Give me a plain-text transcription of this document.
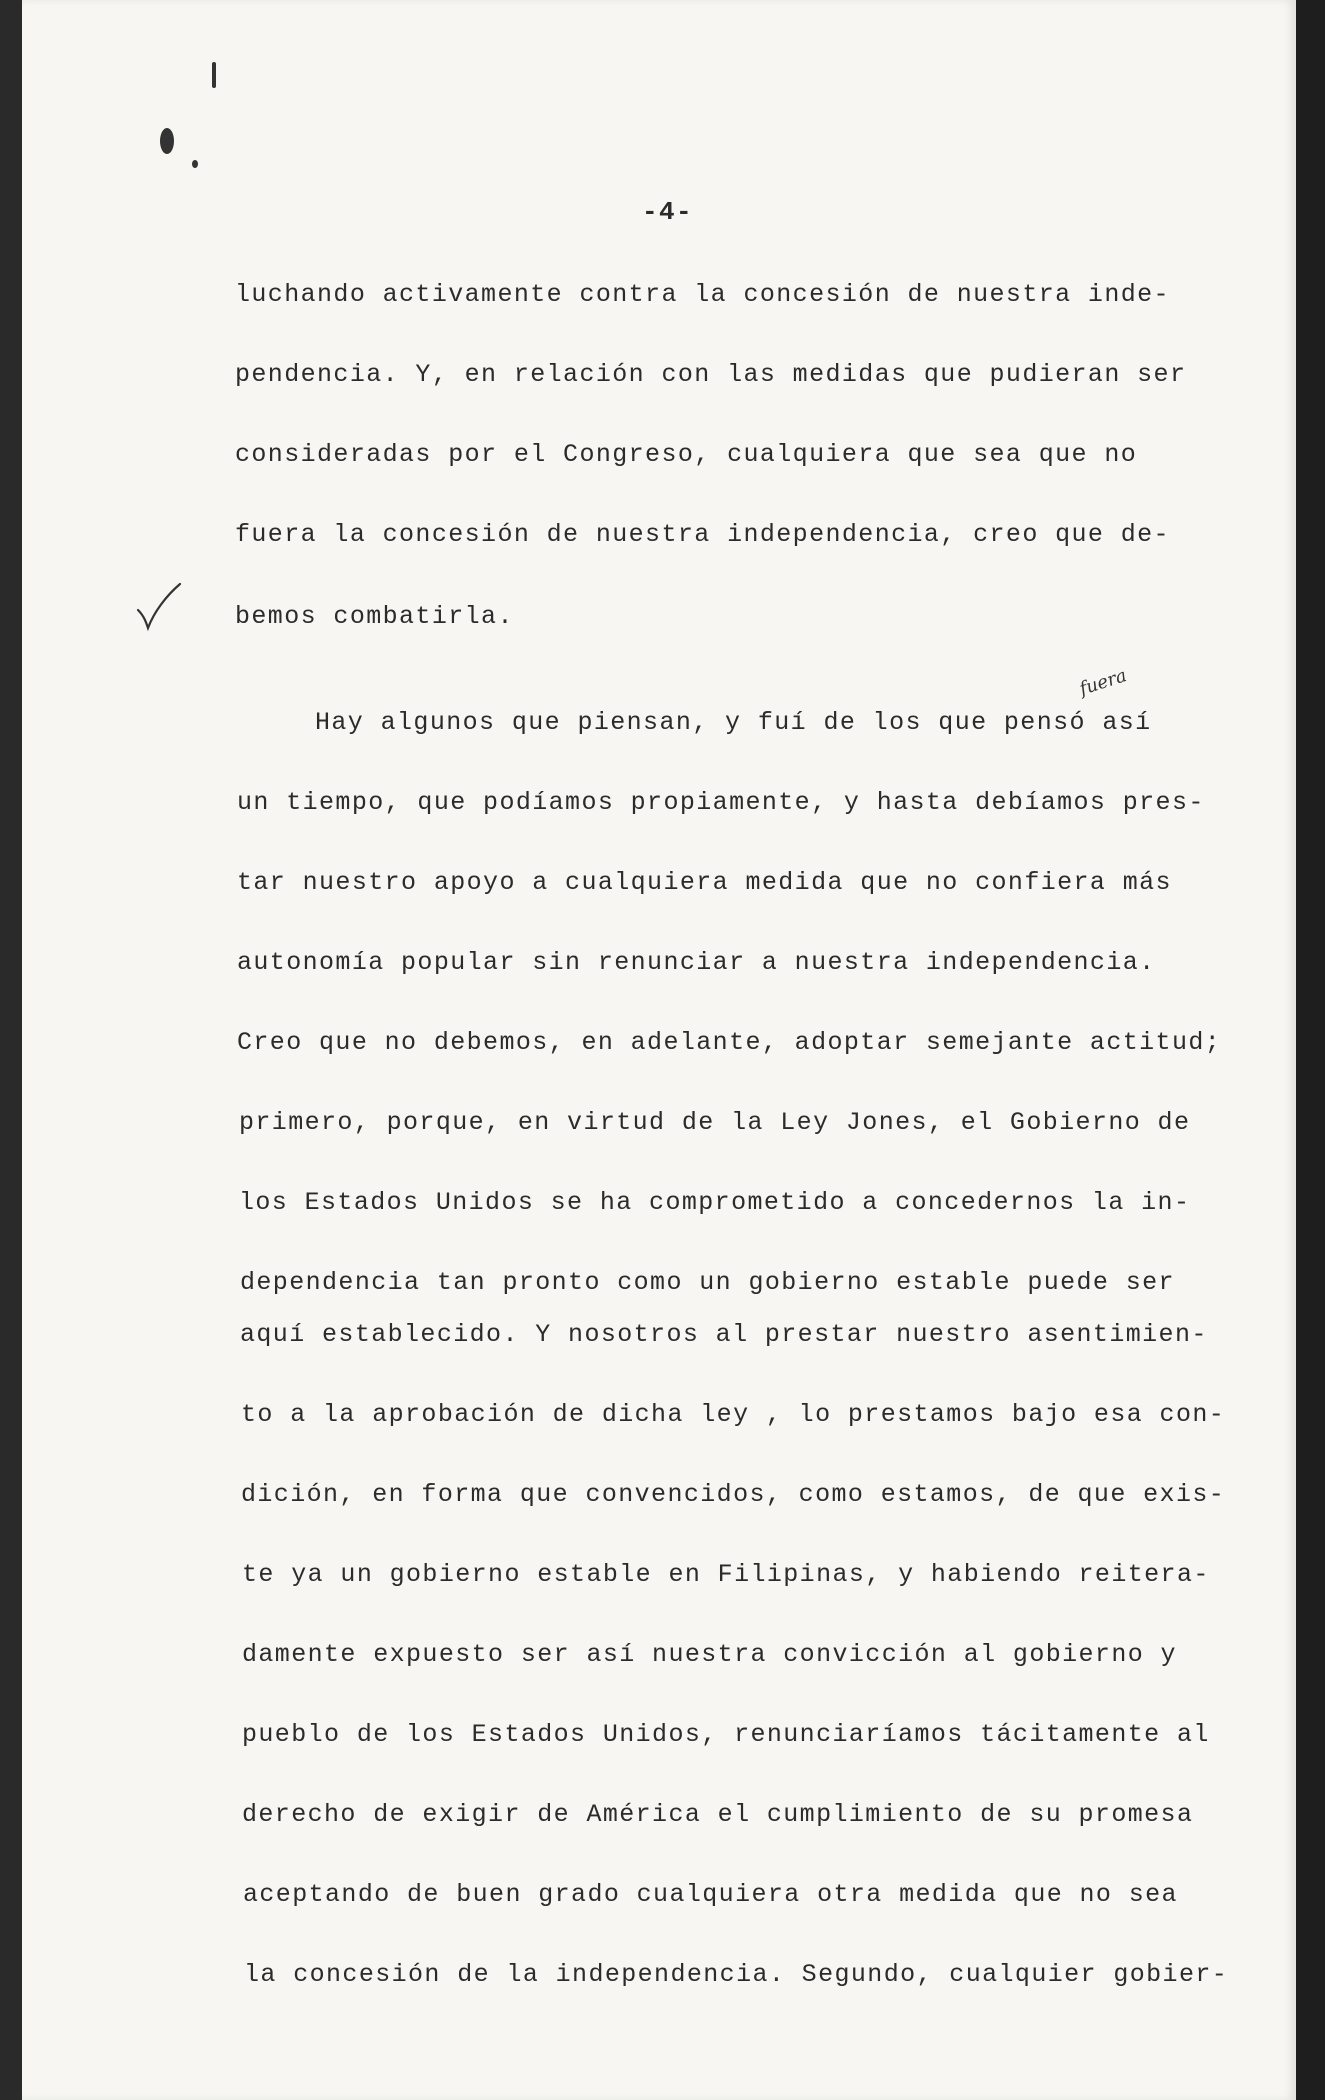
-4-

luchando activamente contra la concesión de nuestra inde-

pendencia. Y, en relación con las medidas que pudieran ser

consideradas por el Congreso, cualquiera que sea que no

fuera la concesión de nuestra independencia, creo que de-

bemos combatirla.

Hay algunos que piensan, y fuí de los que pensó así

un tiempo, que podíamos propiamente, y hasta debíamos pres-

tar nuestro apoyo a cualquiera medida que no confiera más

autonomía popular sin renunciar a nuestra independencia.

Creo que no debemos, en adelante, adoptar semejante actitud;

primero, porque, en virtud de la Ley Jones, el Gobierno de

los Estados Unidos se ha comprometido a concedernos la in-

dependencia tan pronto como un gobierno estable puede ser

aquí establecido. Y nosotros al prestar nuestro asentimien-

to a la aprobación de dicha ley , lo prestamos bajo esa con-

dición, en forma que convencidos, como estamos, de que exis-

te ya un gobierno estable en Filipinas, y habiendo reitera-

damente expuesto ser así nuestra convicción al gobierno y

pueblo de los Estados Unidos, renunciaríamos tácitamente al

derecho de exigir de América el cumplimiento de su promesa

aceptando de buen grado cualquiera otra medida que no sea

la concesión de la independencia. Segundo, cualquier gobier-

fuera
